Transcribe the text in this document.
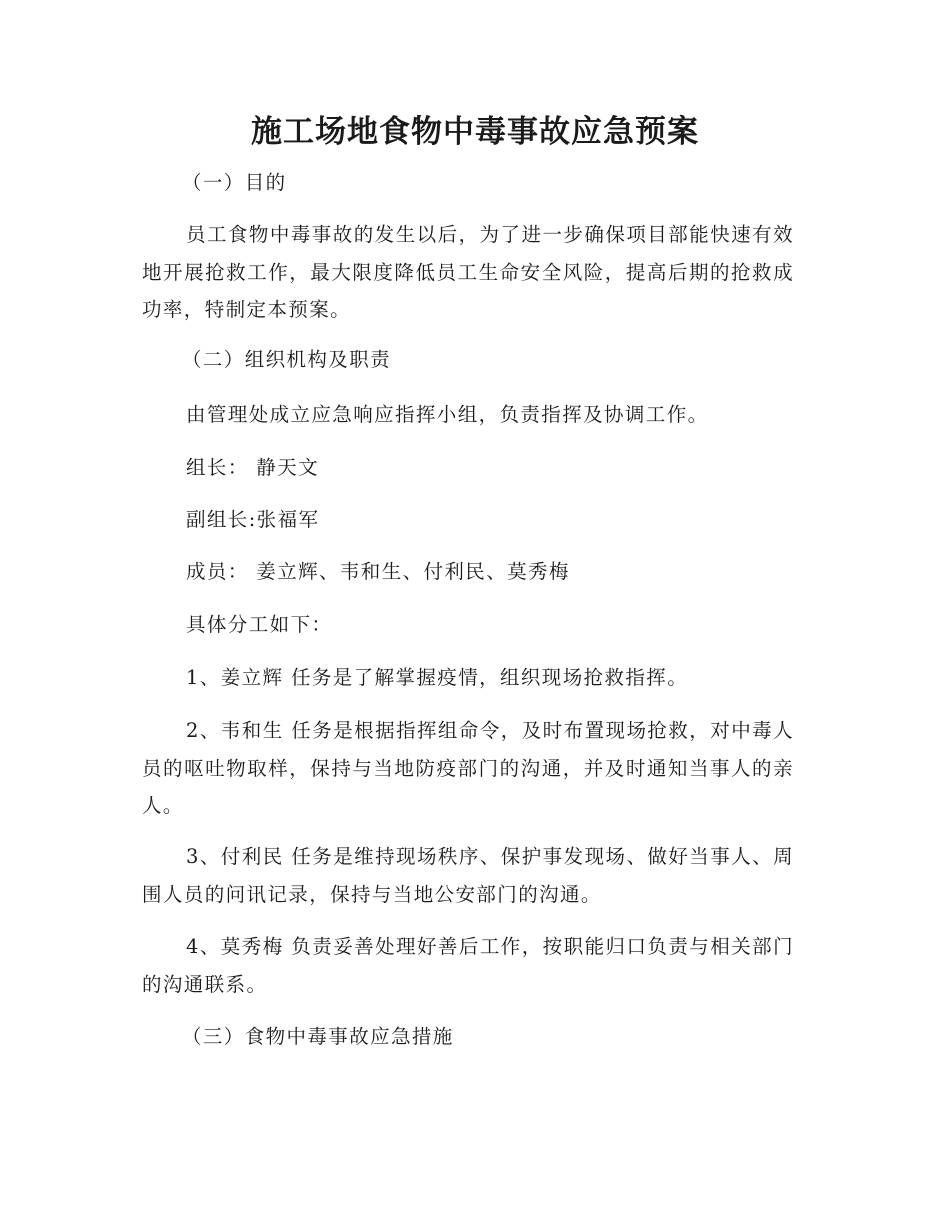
施工场地食物中毒事故应急预案

（一）目的

员工食物中毒事故的发生以后，为了进一步确保项目部能快速有效地开展抢救工作，最大限度降低员工生命安全风险，提高后期的抢救成功率，特制定本预案。

（二）组织机构及职责

由管理处成立应急响应指挥小组，负责指挥及协调工作。

组长： 静天文

副组长:张福军

成员： 姜立辉、韦和生、付利民、莫秀梅

具体分工如下：

1、姜立辉 任务是了解掌握疫情，组织现场抢救指挥。

2、韦和生 任务是根据指挥组命令，及时布置现场抢救，对中毒人员的呕吐物取样，保持与当地防疫部门的沟通，并及时通知当事人的亲人。

3、付利民 任务是维持现场秩序、保护事发现场、做好当事人、周围人员的问讯记录，保持与当地公安部门的沟通。

4、莫秀梅 负责妥善处理好善后工作，按职能归口负责与相关部门的沟通联系。

（三）食物中毒事故应急措施
